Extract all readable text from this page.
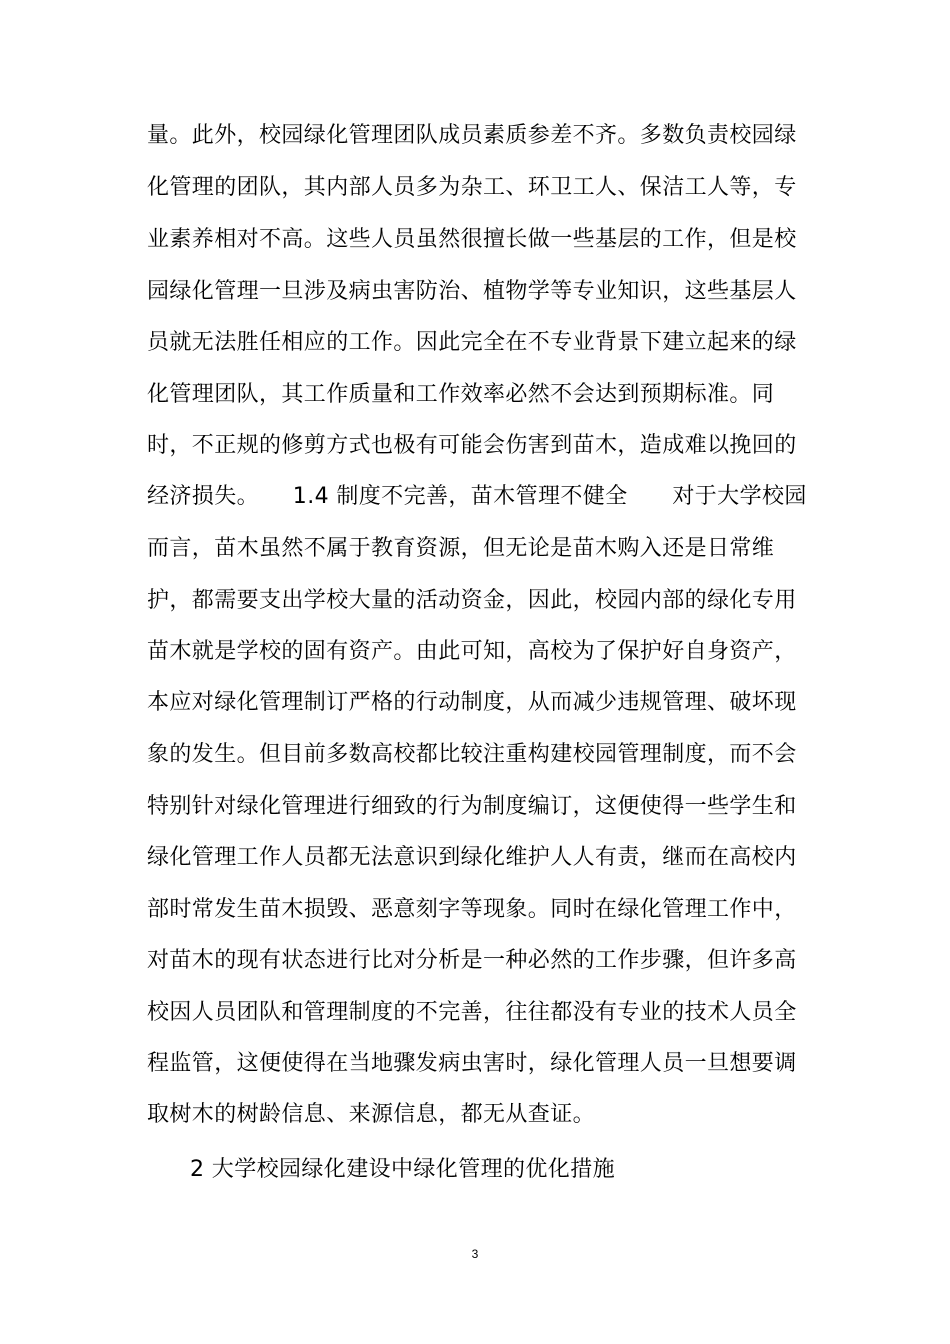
量。此外，校园绿化管理团队成员素质参差不齐。多数负责校园绿
化管理的团队，其内部人员多为杂工、环卫工人、保洁工人等，专
业素养相对不高。这些人员虽然很擅长做一些基层的工作，但是校
园绿化管理一旦涉及病虫害防治、植物学等专业知识，这些基层人
员就无法胜任相应的工作。因此完全在不专业背景下建立起来的绿
化管理团队，其工作质量和工作效率必然不会达到预期标准。同
时，不正规的修剪方式也极有可能会伤害到苗木，造成难以挽回的
经济损失。　　1.4 制度不完善，苗木管理不健全　　对于大学校园
而言，苗木虽然不属于教育资源，但无论是苗木购入还是日常维
护，都需要支出学校大量的活动资金，因此，校园内部的绿化专用
苗木就是学校的固有资产。由此可知，高校为了保护好自身资产，
本应对绿化管理制订严格的行动制度，从而减少违规管理、破坏现
象的发生。但目前多数高校都比较注重构建校园管理制度，而不会
特别针对绿化管理进行细致的行为制度编订，这便使得一些学生和
绿化管理工作人员都无法意识到绿化维护人人有责，继而在高校内
部时常发生苗木损毁、恶意刻字等现象。同时在绿化管理工作中，
对苗木的现有状态进行比对分析是一种必然的工作步骤，但许多高
校因人员团队和管理制度的不完善，往往都没有专业的技术人员全
程监管，这便使得在当地骤发病虫害时，绿化管理人员一旦想要调
取树木的树龄信息、来源信息，都无从查证。
2 大学校园绿化建设中绿化管理的优化措施
3
